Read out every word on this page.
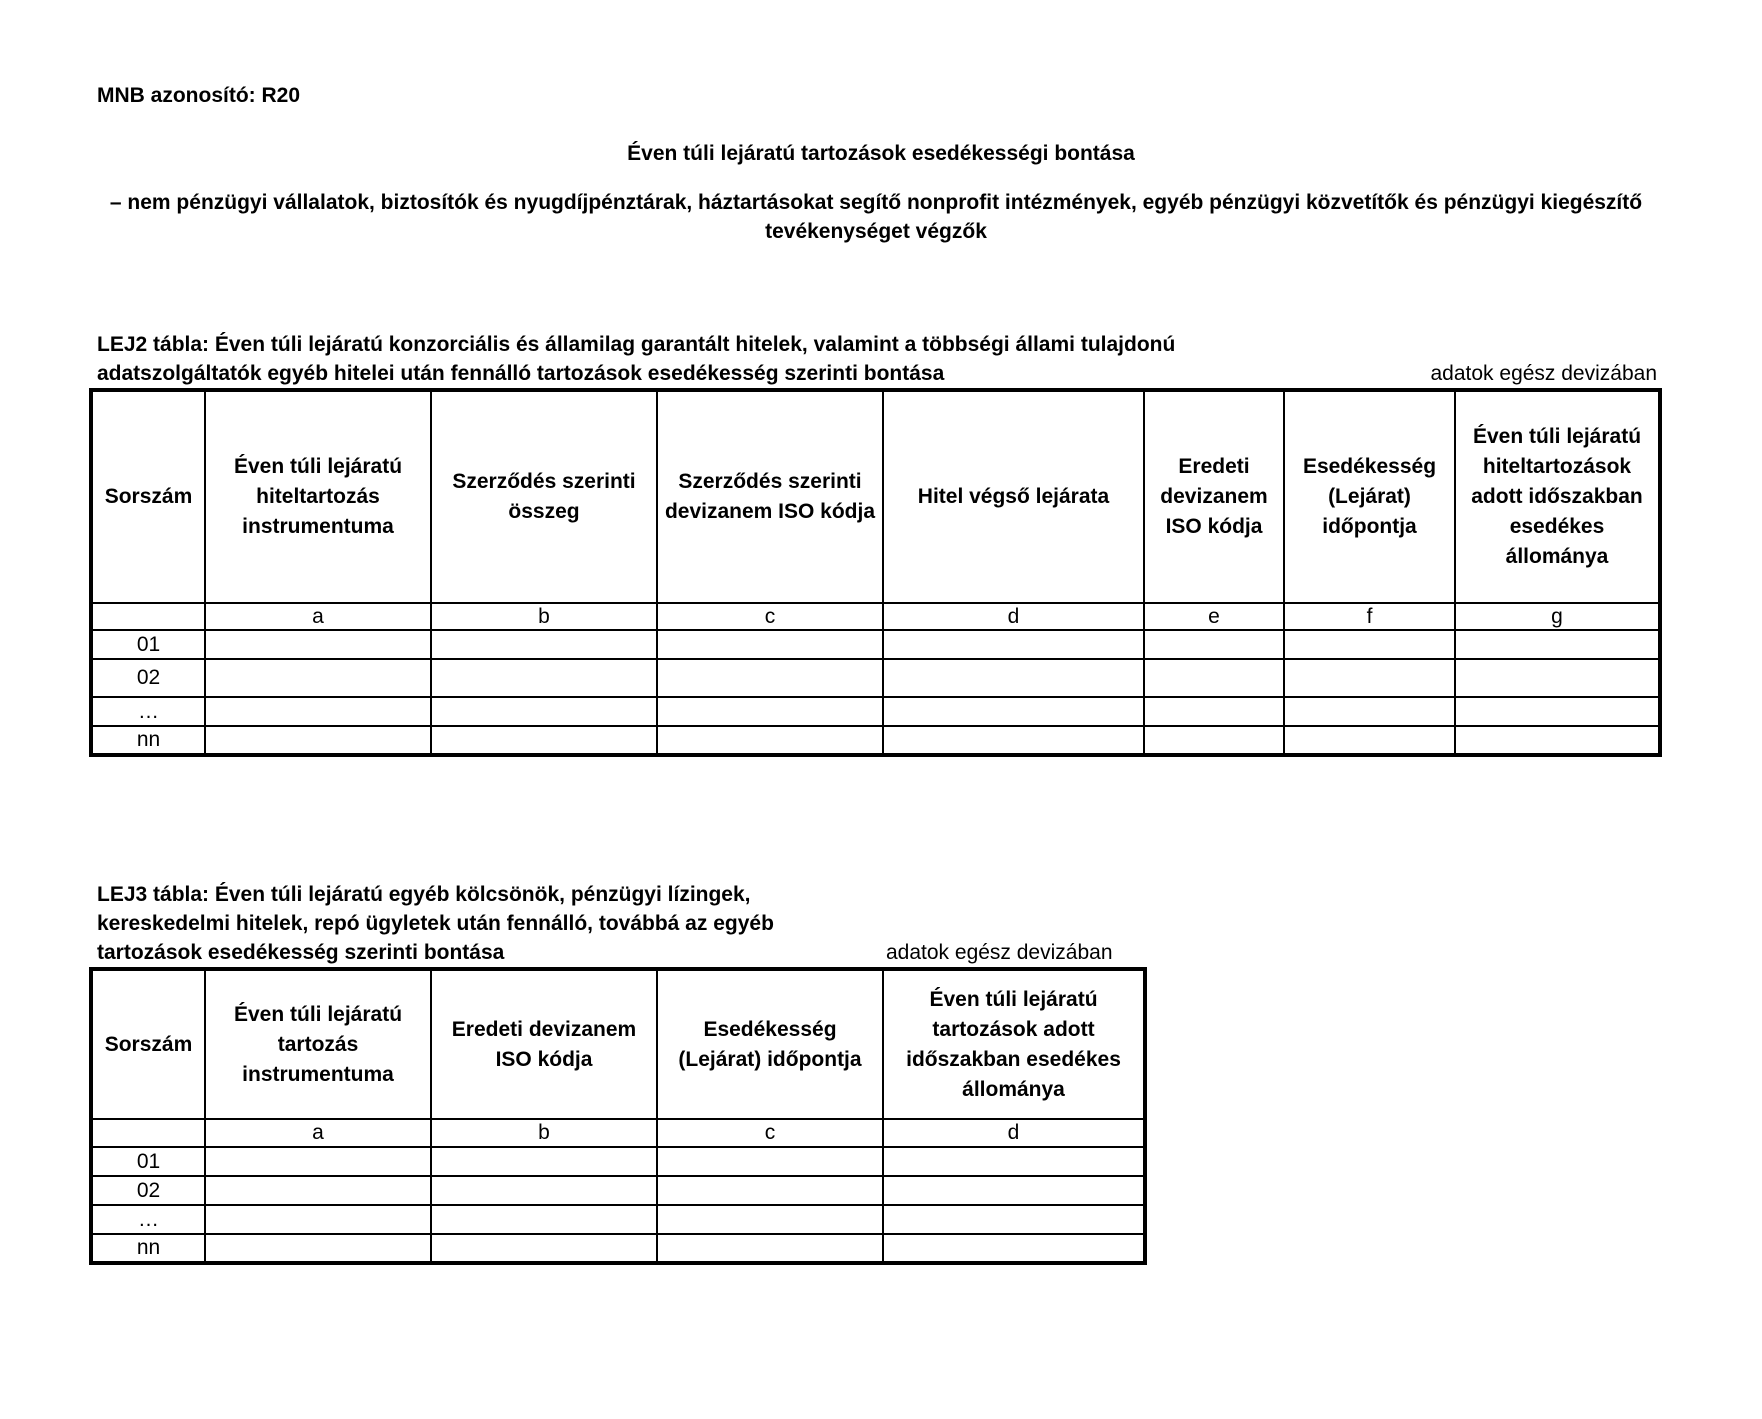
MNB azonosító: R20
Éven túli lejáratú tartozások esedékességi bontása
– nem pénzügyi vállalatok, biztosítók és nyugdíjpénztárak, háztartásokat segítő nonprofit intézmények, egyéb pénzügyi közvetítők és pénzügyi kiegészítő tevékenységet végzők
LEJ2 tábla: Éven túli lejáratú konzorciális és államilag garantált hitelek, valamint a többségi állami tulajdonú
adatszolgáltatók egyéb hitelei után fennálló tartozások esedékesség szerinti bontása	adatok egész devizában
Sorszám	Éven túli lejáratú hiteltartozás instrumentuma	Szerződés szerinti összeg	Szerződés szerinti devizanem ISO kódja	Hitel végső lejárata	Eredeti devizanem ISO kódja	Esedékesség (Lejárat) időpontja	Éven túli lejáratú hiteltartozások adott időszakban esedékes állománya
	a	b	c	d	e	f	g
01							
02							
…							
nn							
LEJ3 tábla: Éven túli lejáratú egyéb kölcsönök, pénzügyi lízingek,
kereskedelmi hitelek, repó ügyletek után fennálló, továbbá az egyéb
tartozások esedékesség szerinti bontása	adatok egész devizában
Sorszám	Éven túli lejáratú tartozás instrumentuma	Eredeti devizanem ISO kódja	Esedékesség (Lejárat) időpontja	Éven túli lejáratú tartozások adott időszakban esedékes állománya
	a	b	c	d
01				
02				
…				
nn				
